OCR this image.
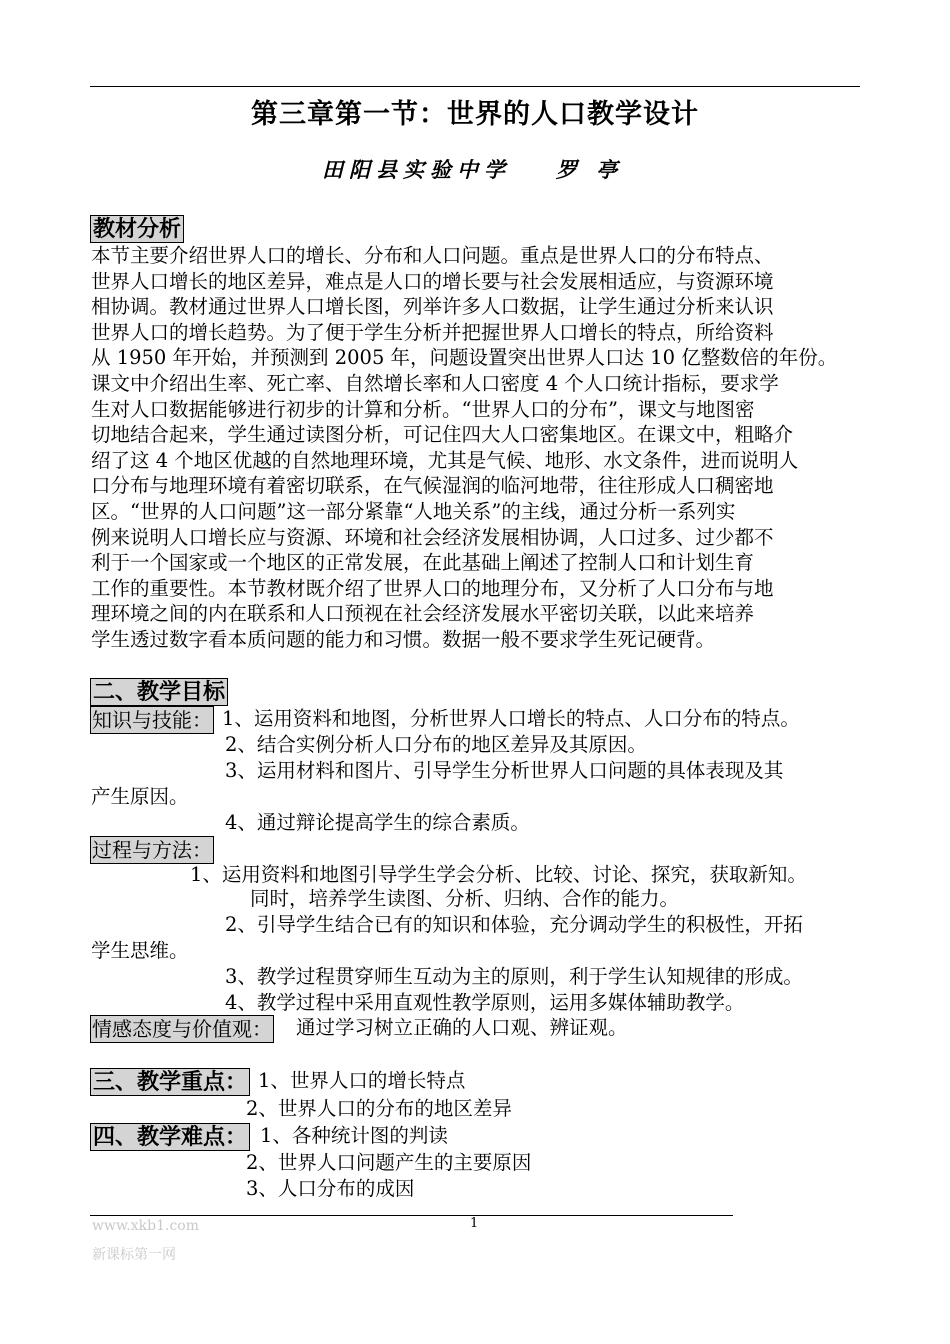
第三章第一节：世界的人口教学设计
田阳县实验中学 罗 亭
教材分析
本节主要介绍世界人口的增长、分布和人口问题。重点是世界人口的分布特点、
世界人口增长的地区差异，难点是人口的增长要与社会发展相适应，与资源环境
相协调。教材通过世界人口增长图，列举许多人口数据，让学生通过分析来认识
世界人口的增长趋势。为了便于学生分析并把握世界人口增长的特点，所给资料
从 1950 年开始，并预测到 2005 年，问题设置突出世界人口达 10 亿整数倍的年份。
课文中介绍出生率、死亡率、自然增长率和人口密度 4 个人口统计指标，要求学
生对人口数据能够进行初步的计算和分析。“世界人口的分布”，课文与地图密
切地结合起来，学生通过读图分析，可记住四大人口密集地区。在课文中，粗略介
绍了这 4 个地区优越的自然地理环境，尤其是气候、地形、水文条件，进而说明人
口分布与地理环境有着密切联系，在气候湿润的临河地带，往往形成人口稠密地
区。“世界的人口问题”这一部分紧靠“人地关系”的主线，通过分析一系列实
例来说明人口增长应与资源、环境和社会经济发展相协调，人口过多、过少都不
利于一个国家或一个地区的正常发展，在此基础上阐述了控制人口和计划生育
工作的重要性。本节教材既介绍了世界人口的地理分布，又分析了人口分布与地
理环境之间的内在联系和人口预视在社会经济发展水平密切关联，以此来培养
学生透过数字看本质问题的能力和习惯。数据一般不要求学生死记硬背。
二、教学目标
知识与技能： 1、运用资料和地图，分析世界人口增长的特点、人口分布的特点。
2、结合实例分析人口分布的地区差异及其原因。
3、运用材料和图片、引导学生分析世界人口问题的具体表现及其
产生原因。
4、通过辩论提高学生的综合素质。
过程与方法：
1、运用资料和地图引导学生学会分析、比较、讨论、探究，获取新知。
同时，培养学生读图、分析、归纳、合作的能力。
2、引导学生结合已有的知识和体验，充分调动学生的积极性，开拓
学生思维。
3、教学过程贯穿师生互动为主的原则，利于学生认知规律的形成。
4、教学过程中采用直观性教学原则，运用多媒体辅助教学。
情感态度与价值观： 通过学习树立正确的人口观、辨证观。
三、教学重点： 1、世界人口的增长特点
2、世界人口的分布的地区差异
四、教学难点： 1、各种统计图的判读
2、世界人口问题产生的主要原因
3、人口分布的成因
1
www.xkb1.com
新课标第一网
